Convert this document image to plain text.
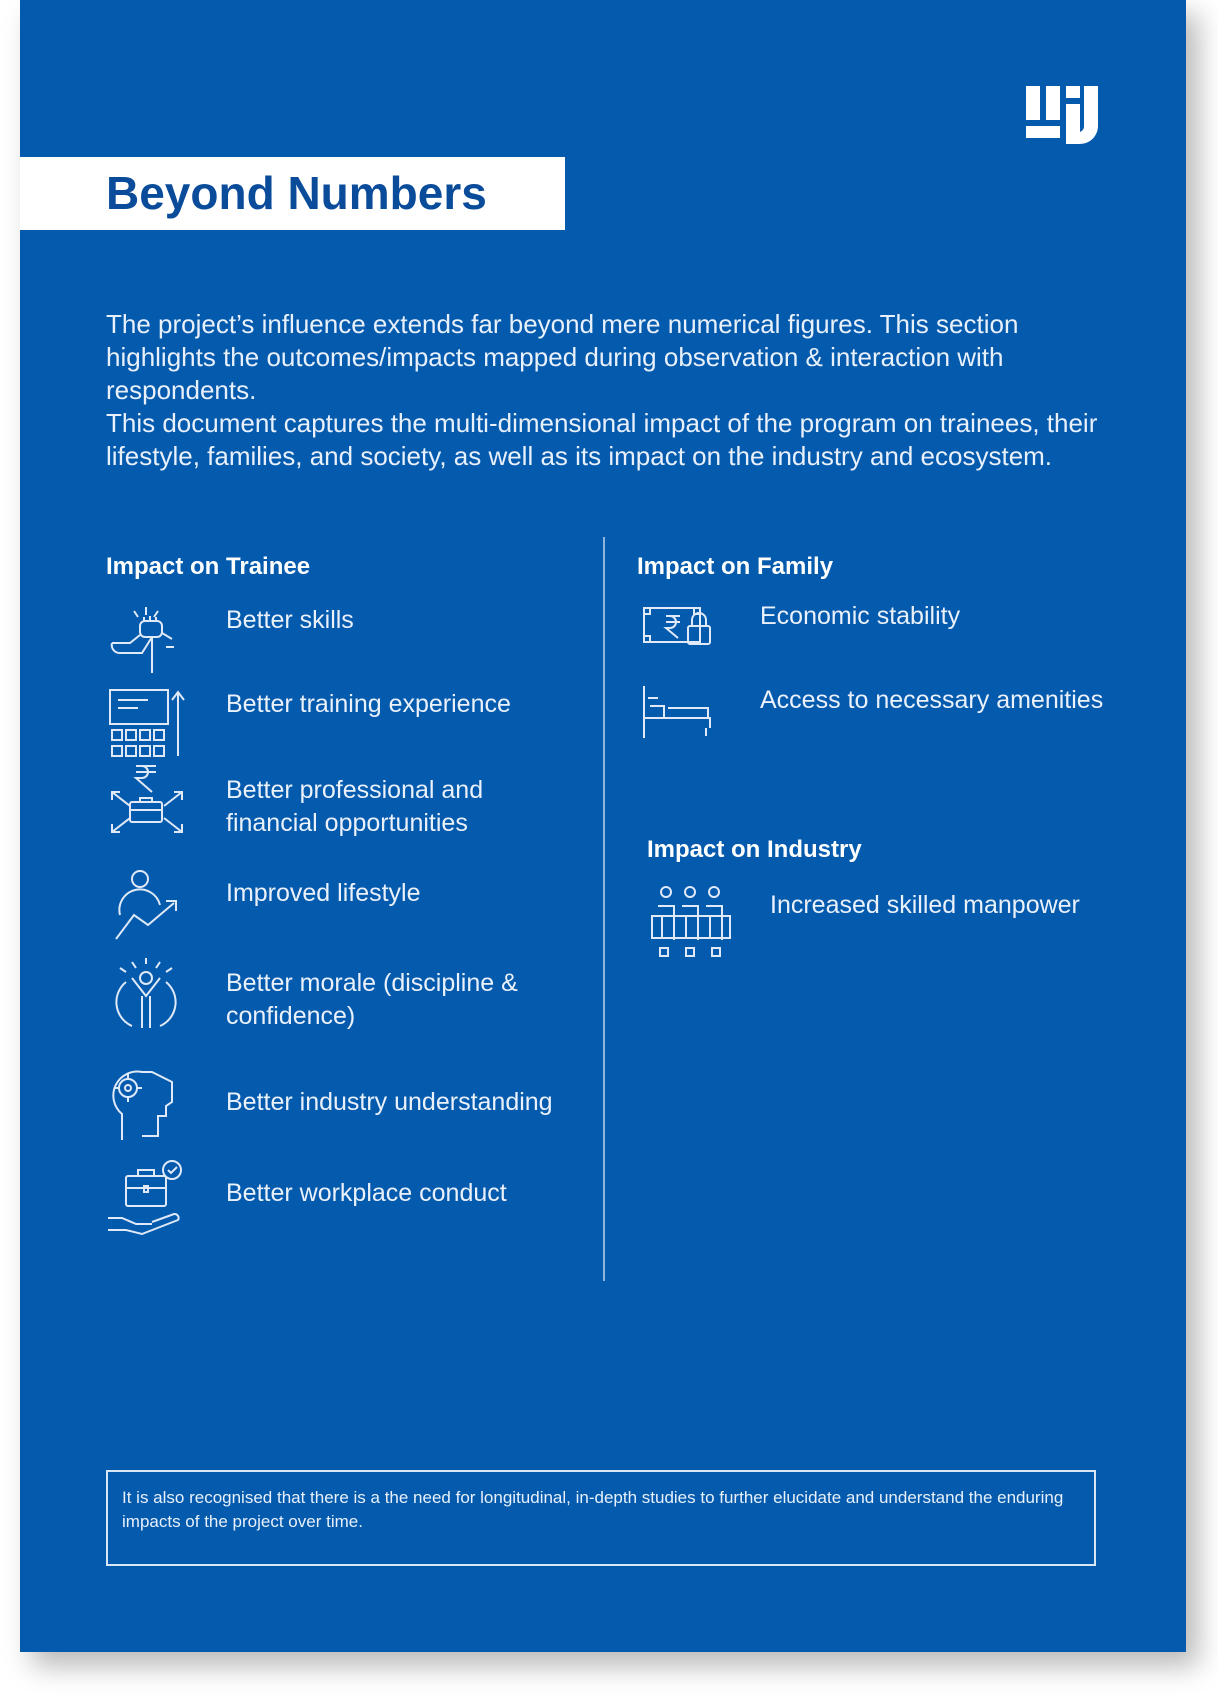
Beyond Numbers

The project’s influence extends far beyond mere numerical figures. This section highlights the outcomes/impacts mapped during observation & interaction with respondents.

This document captures the multi-dimensional impact of the program on trainees, their lifestyle, families, and society, as well as its impact on the industry and ecosystem.

Impact on Trainee
Better skills
Better training experience
Better professional and financial opportunities
Improved lifestyle
Better morale (discipline & confidence)
Better industry understanding
Better workplace conduct
Impact on Family
Economic stability
Access to necessary amenities
Impact on Industry
Increased skilled manpower
It is also recognised that there is a the need for longitudinal, in-depth studies to further elucidate and understand the enduring impacts of the project over time.
